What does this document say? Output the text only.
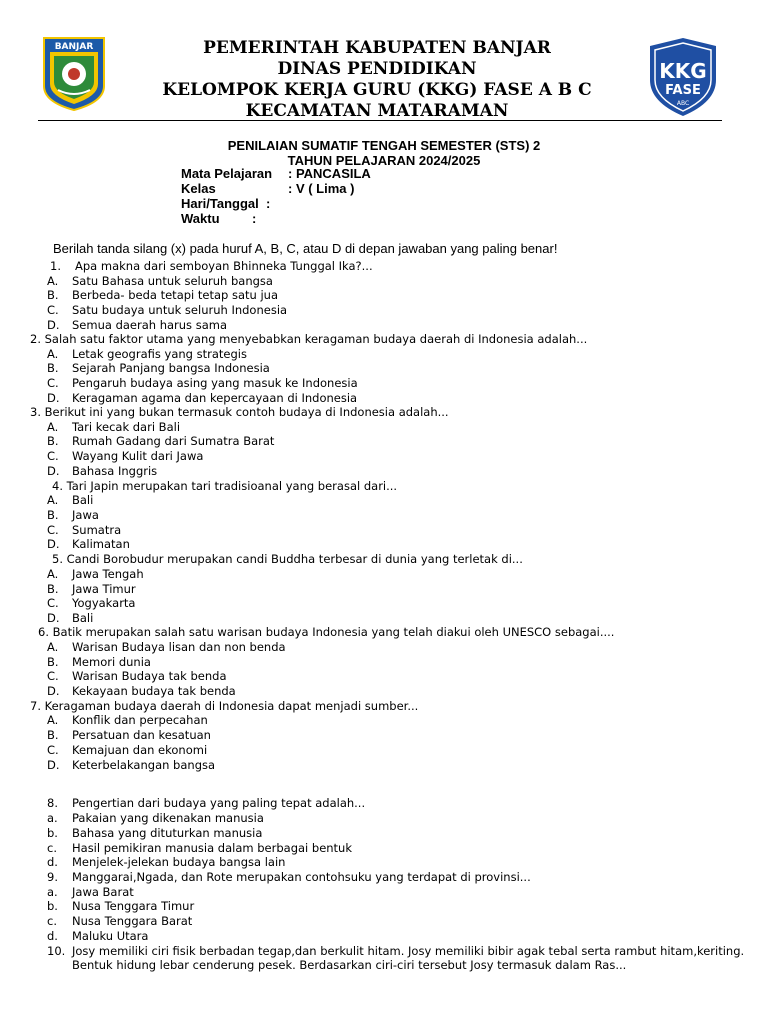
BANJAR	PEMERINTAH KABUPATEN BANJAR
DINAS PENDIDIKAN
KELOMPOK KERJA GURU (KKG) FASE A B C
KECAMATAN MATARAMAN
KKG
FASE
ABC
PENILAIAN SUMATIF TENGAH SEMESTER (STS) 2
TAHUN PELAJARAN 2024/2025
Mata Pelajaran : PANCASILA
Kelas	: V ( Lima )
Hari/Tanggal  :
Waktu         :
Berilah tanda silang (x) pada huruf A, B, C, atau D di depan jawaban yang paling benar!
1. Apa makna dari semboyan Bhinneka Tunggal Ika?...
A. Satu Bahasa untuk seluruh bangsa
B. Berbeda- beda tetapi tetap satu jua
C. Satu budaya untuk seluruh Indonesia
D. Semua daerah harus sama
2. Salah satu faktor utama yang menyebabkan keragaman budaya daerah di Indonesia adalah...
A. Letak geografis yang strategis
B. Sejarah Panjang bangsa Indonesia
C. Pengaruh budaya asing yang masuk ke Indonesia
D. Keragaman agama dan kepercayaan di Indonesia
3. Berikut ini yang bukan termasuk contoh budaya di Indonesia adalah...
A. Tari kecak dari Bali
B. Rumah Gadang dari Sumatra Barat
C. Wayang Kulit dari Jawa
D. Bahasa Inggris
4. Tari Japin merupakan tari tradisioanal yang berasal dari...
A. Bali
B. Jawa
C. Sumatra
D. Kalimatan
5. Candi Borobudur merupakan candi Buddha terbesar di dunia yang terletak di...
A. Jawa Tengah
B. Jawa Timur
C. Yogyakarta
D. Bali
6. Batik merupakan salah satu warisan budaya Indonesia yang telah diakui oleh UNESCO sebagai....
A. Warisan Budaya lisan dan non benda
B. Memori dunia
C. Warisan Budaya tak benda
D. Kekayaan budaya tak benda
7. Keragaman budaya daerah di Indonesia dapat menjadi sumber...
A. Konflik dan perpecahan
B. Persatuan dan kesatuan
C. Kemajuan dan ekonomi
D. Keterbelakangan bangsa
8. Pengertian dari budaya yang paling tepat adalah...
a. Pakaian yang dikenakan manusia
b. Bahasa yang dituturkan manusia
c. Hasil pemikiran manusia dalam berbagai bentuk
d. Menjelek-jelekan budaya bangsa lain
9. Manggarai,Ngada, dan Rote merupakan contohsuku yang terdapat di provinsi...
a. Jawa Barat
b. Nusa Tenggara Timur
c. Nusa Tenggara Barat
d. Maluku Utara
10. Josy memiliki ciri fisik berbadan tegap,dan berkulit hitam. Josy memiliki bibir agak tebal serta rambut hitam,keriting.
Bentuk hidung lebar cenderung pesek. Berdasarkan ciri-ciri tersebut Josy termasuk dalam Ras...
